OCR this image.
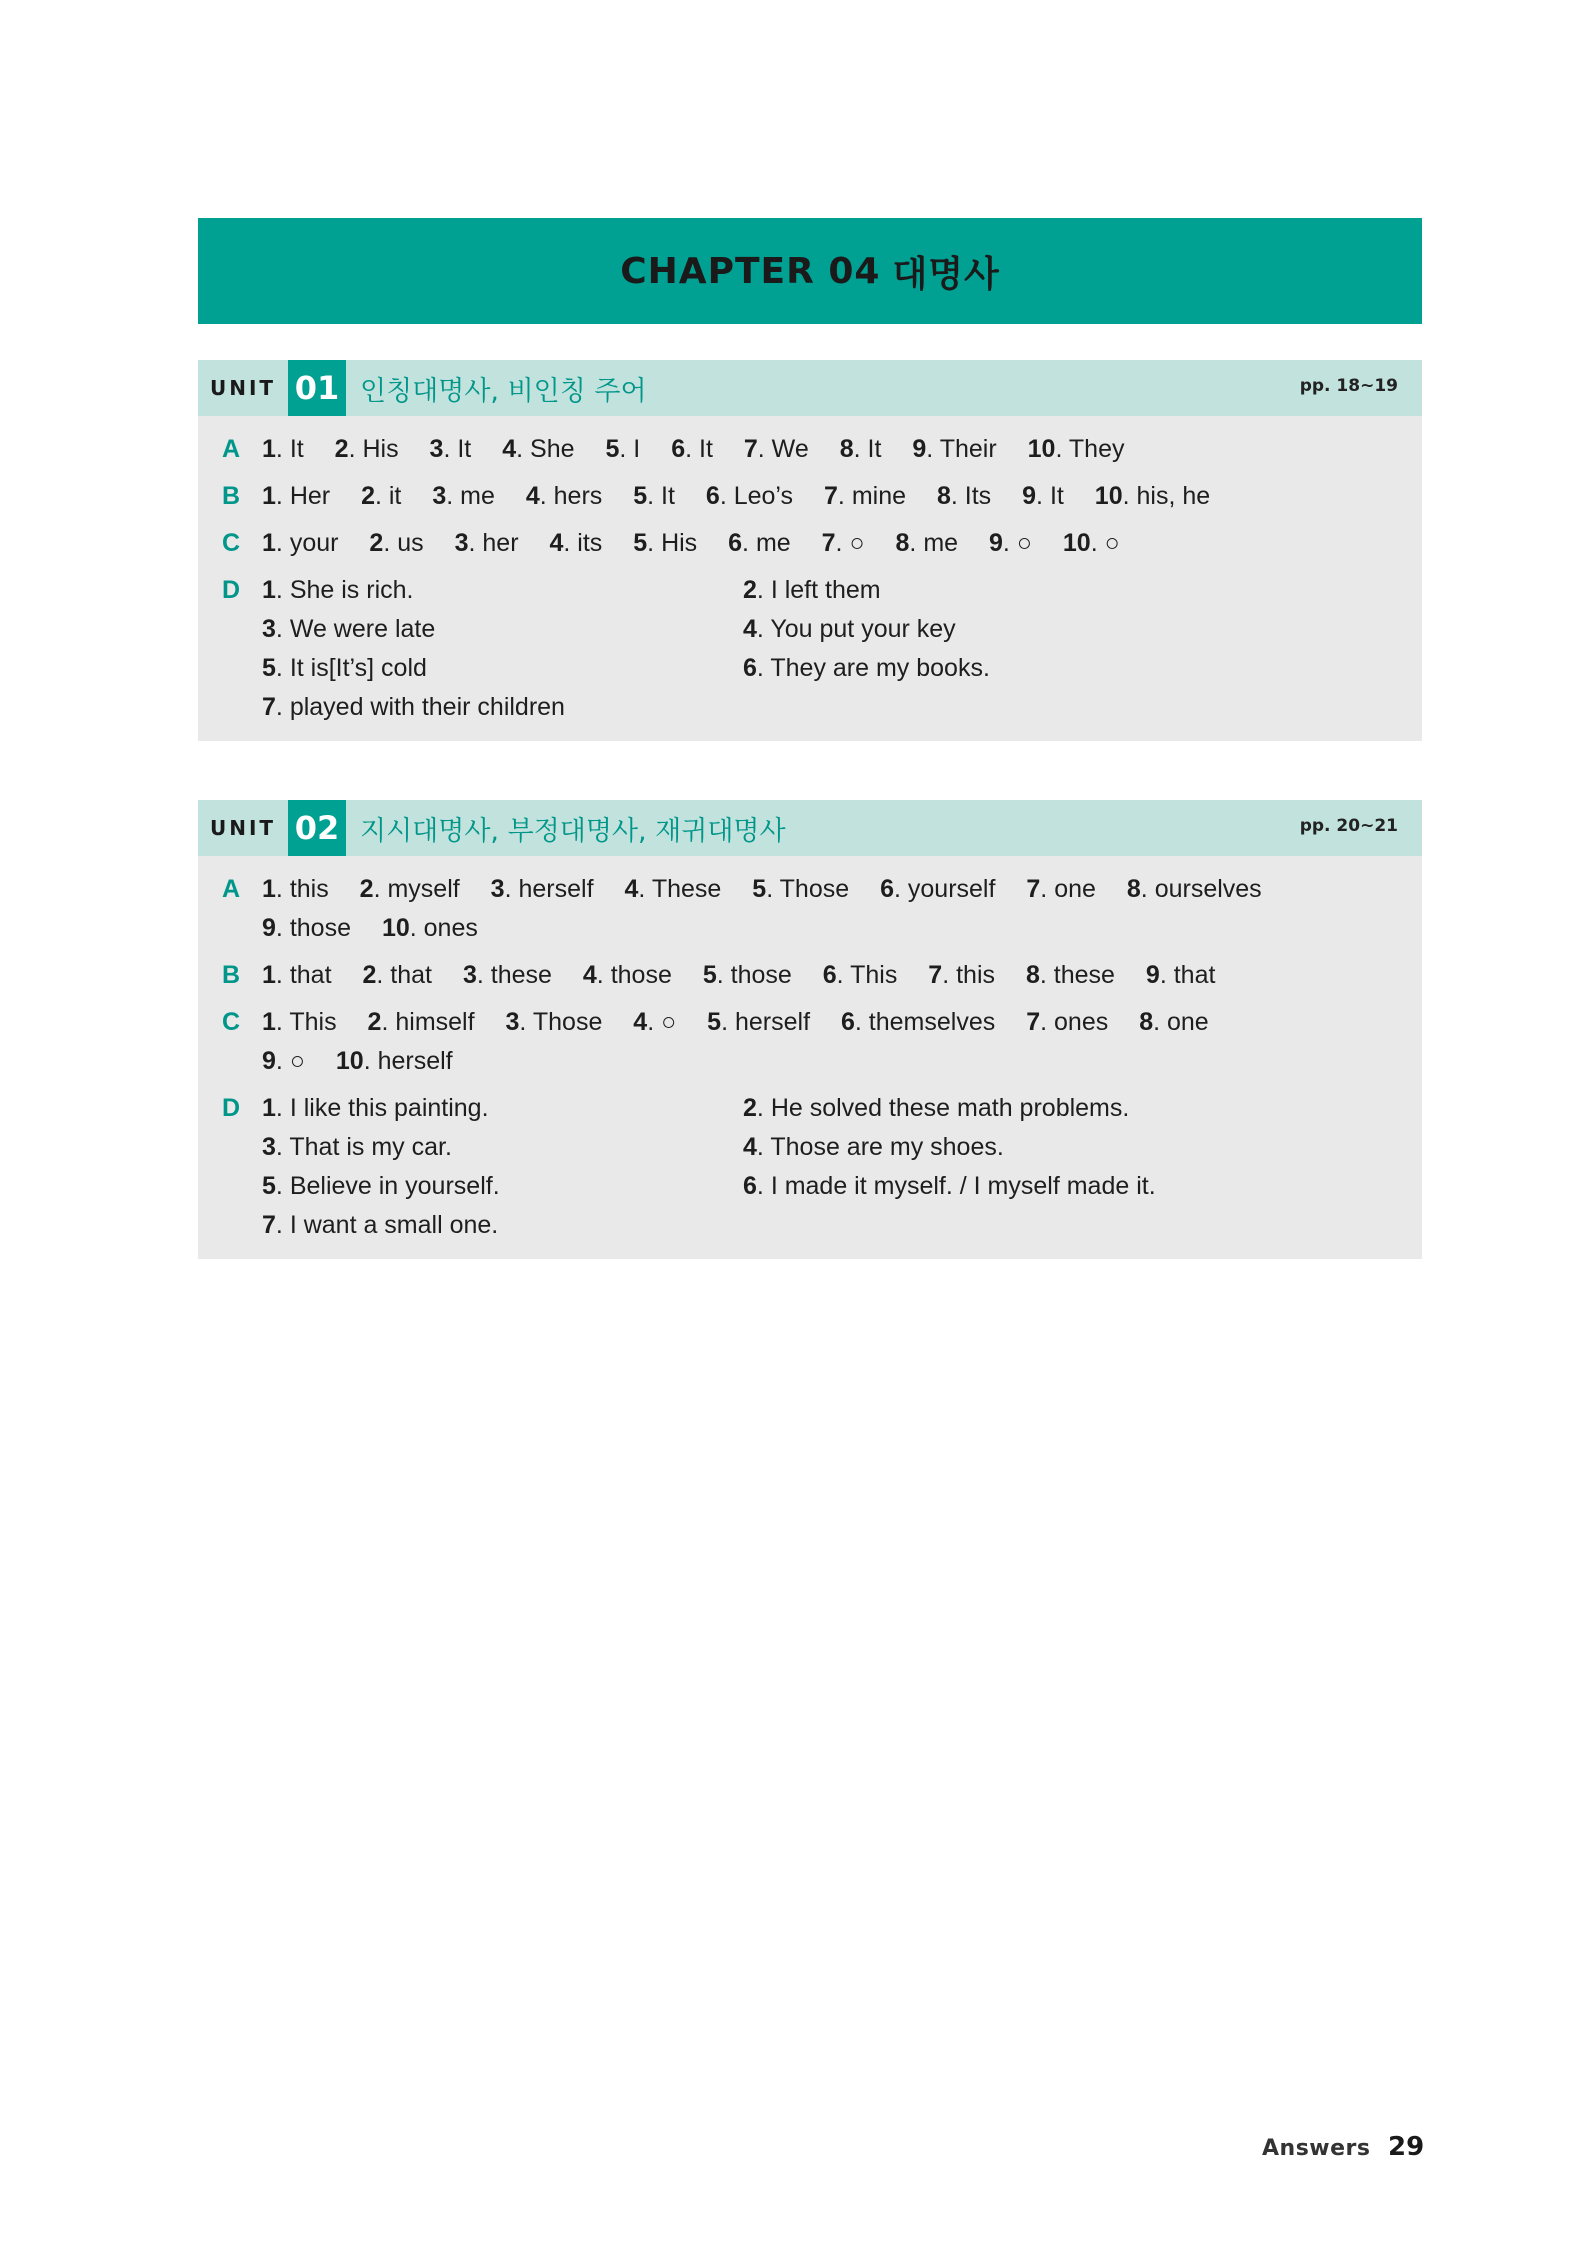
CHAPTER 04 대명사
UNIT 01 인칭대명사, 비인칭 주어	pp. 18~19
A 1. It 2. His 3. It 4. She 5. I 6. It 7. We 8. It 9. Their 10. They
B 1. Her 2. it 3. me 4. hers 5. It 6. Leo’s 7. mine 8. Its 9. It 10. his, he
C 1. your 2. us 3. her 4. its 5. His 6. me 7. ○ 8. me 9. ○ 10. ○
D 1. She is rich.	2. I left them
3. We were late	4. You put your key
5. It is[It’s] cold	6. They are my books.
7. played with their children
UNIT 02 지시대명사, 부정대명사, 재귀대명사	pp. 20~21
A 1. this 2. myself 3. herself 4. These 5. Those 6. yourself 7. one 8. ourselves 9. those 10. ones
B 1. that 2. that 3. these 4. those 5. those 6. This 7. this 8. these 9. that
C 1. This 2. himself 3. Those 4. ○ 5. herself 6. themselves 7. ones 8. one 9. ○ 10. herself
D 1. I like this painting.	2. He solved these math problems.
3. That is my car.	4. Those are my shoes.
5. Believe in yourself.	6. I made it myself. / I myself made it.
7. I want a small one.
Answers 29
